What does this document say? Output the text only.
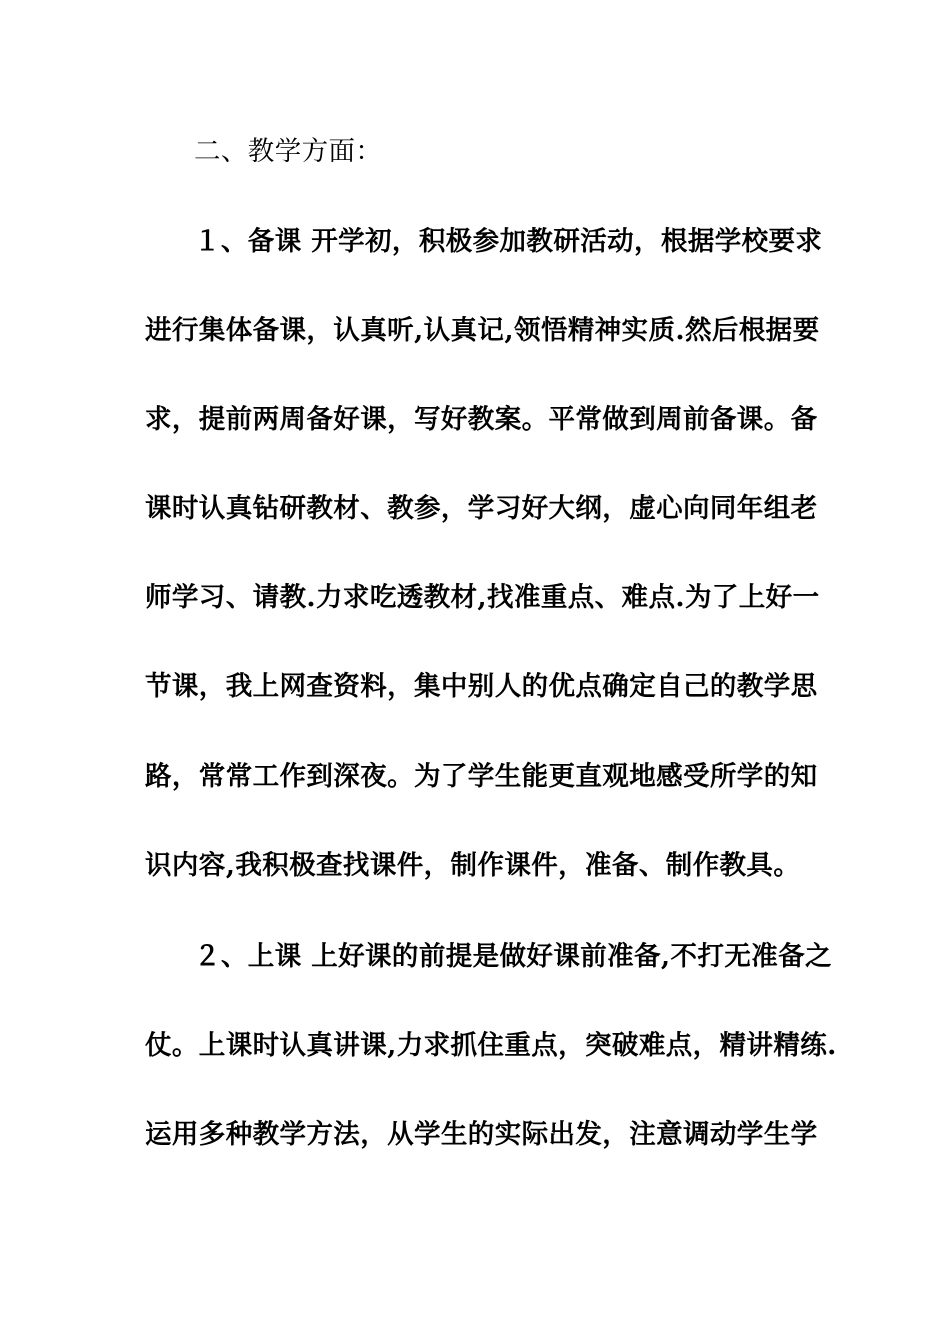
二、教学方面：
１、备课 开学初，积极参加教研活动，根据学校要求
进行集体备课，认真听,认真记,领悟精神实质.然后根据要
求，提前两周备好课，写好教案。平常做到周前备课。备
课时认真钻研教材、教参，学习好大纲，虚心向同年组老
师学习、请教.力求吃透教材,找准重点、难点.为了上好一
节课，我上网查资料，集中别人的优点确定自己的教学思
路，常常工作到深夜。为了学生能更直观地感受所学的知
识内容,我积极查找课件，制作课件，准备、制作教具。
２、上课 上好课的前提是做好课前准备,不打无准备之
仗。上课时认真讲课,力求抓住重点，突破难点，精讲精练.
运用多种教学方法，从学生的实际出发，注意调动学生学
